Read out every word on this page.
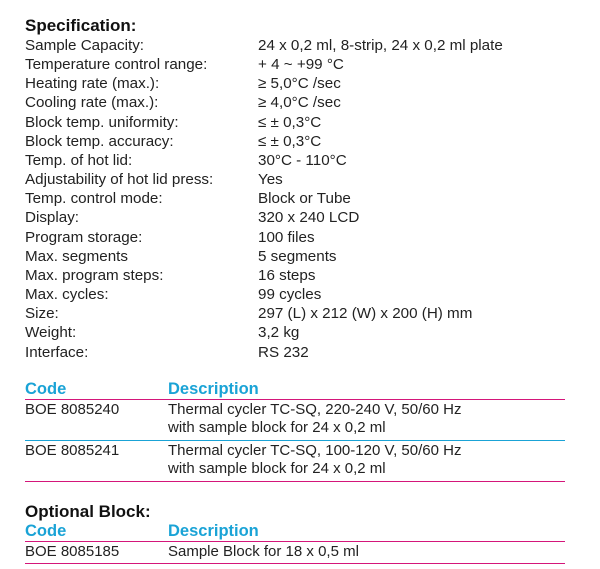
Specification:
Sample Capacity:	24 x 0,2 ml, 8-strip, 24 x 0,2 ml plate
Temperature control range:	+ 4 ~ +99 °C
Heating rate (max.):	≥ 5,0°C /sec
Cooling rate (max.):	≥ 4,0°C /sec
Block temp. uniformity:	≤ ± 0,3°C
Block temp. accuracy:	≤ ± 0,3°C
Temp. of hot lid:	30°C - 110°C
Adjustability of hot lid press:	Yes
Temp. control mode:	Block or Tube
Display:	320 x 240 LCD
Program storage:	100 files
Max. segments	5 segments
Max. program steps:	16 steps
Max. cycles:	99 cycles
Size:	297 (L) x 212 (W) x 200 (H) mm
Weight:	3,2 kg
Interface:	RS 232
Code	Description
BOE 8085240	Thermal cycler TC-SQ, 220-240 V, 50/60 Hz
with sample block for 24 x 0,2 ml
BOE 8085241	Thermal cycler TC-SQ, 100-120 V, 50/60 Hz
with sample block for 24 x 0,2 ml
Optional Block:
Code	Description
BOE 8085185	Sample Block for 18 x 0,5 ml
